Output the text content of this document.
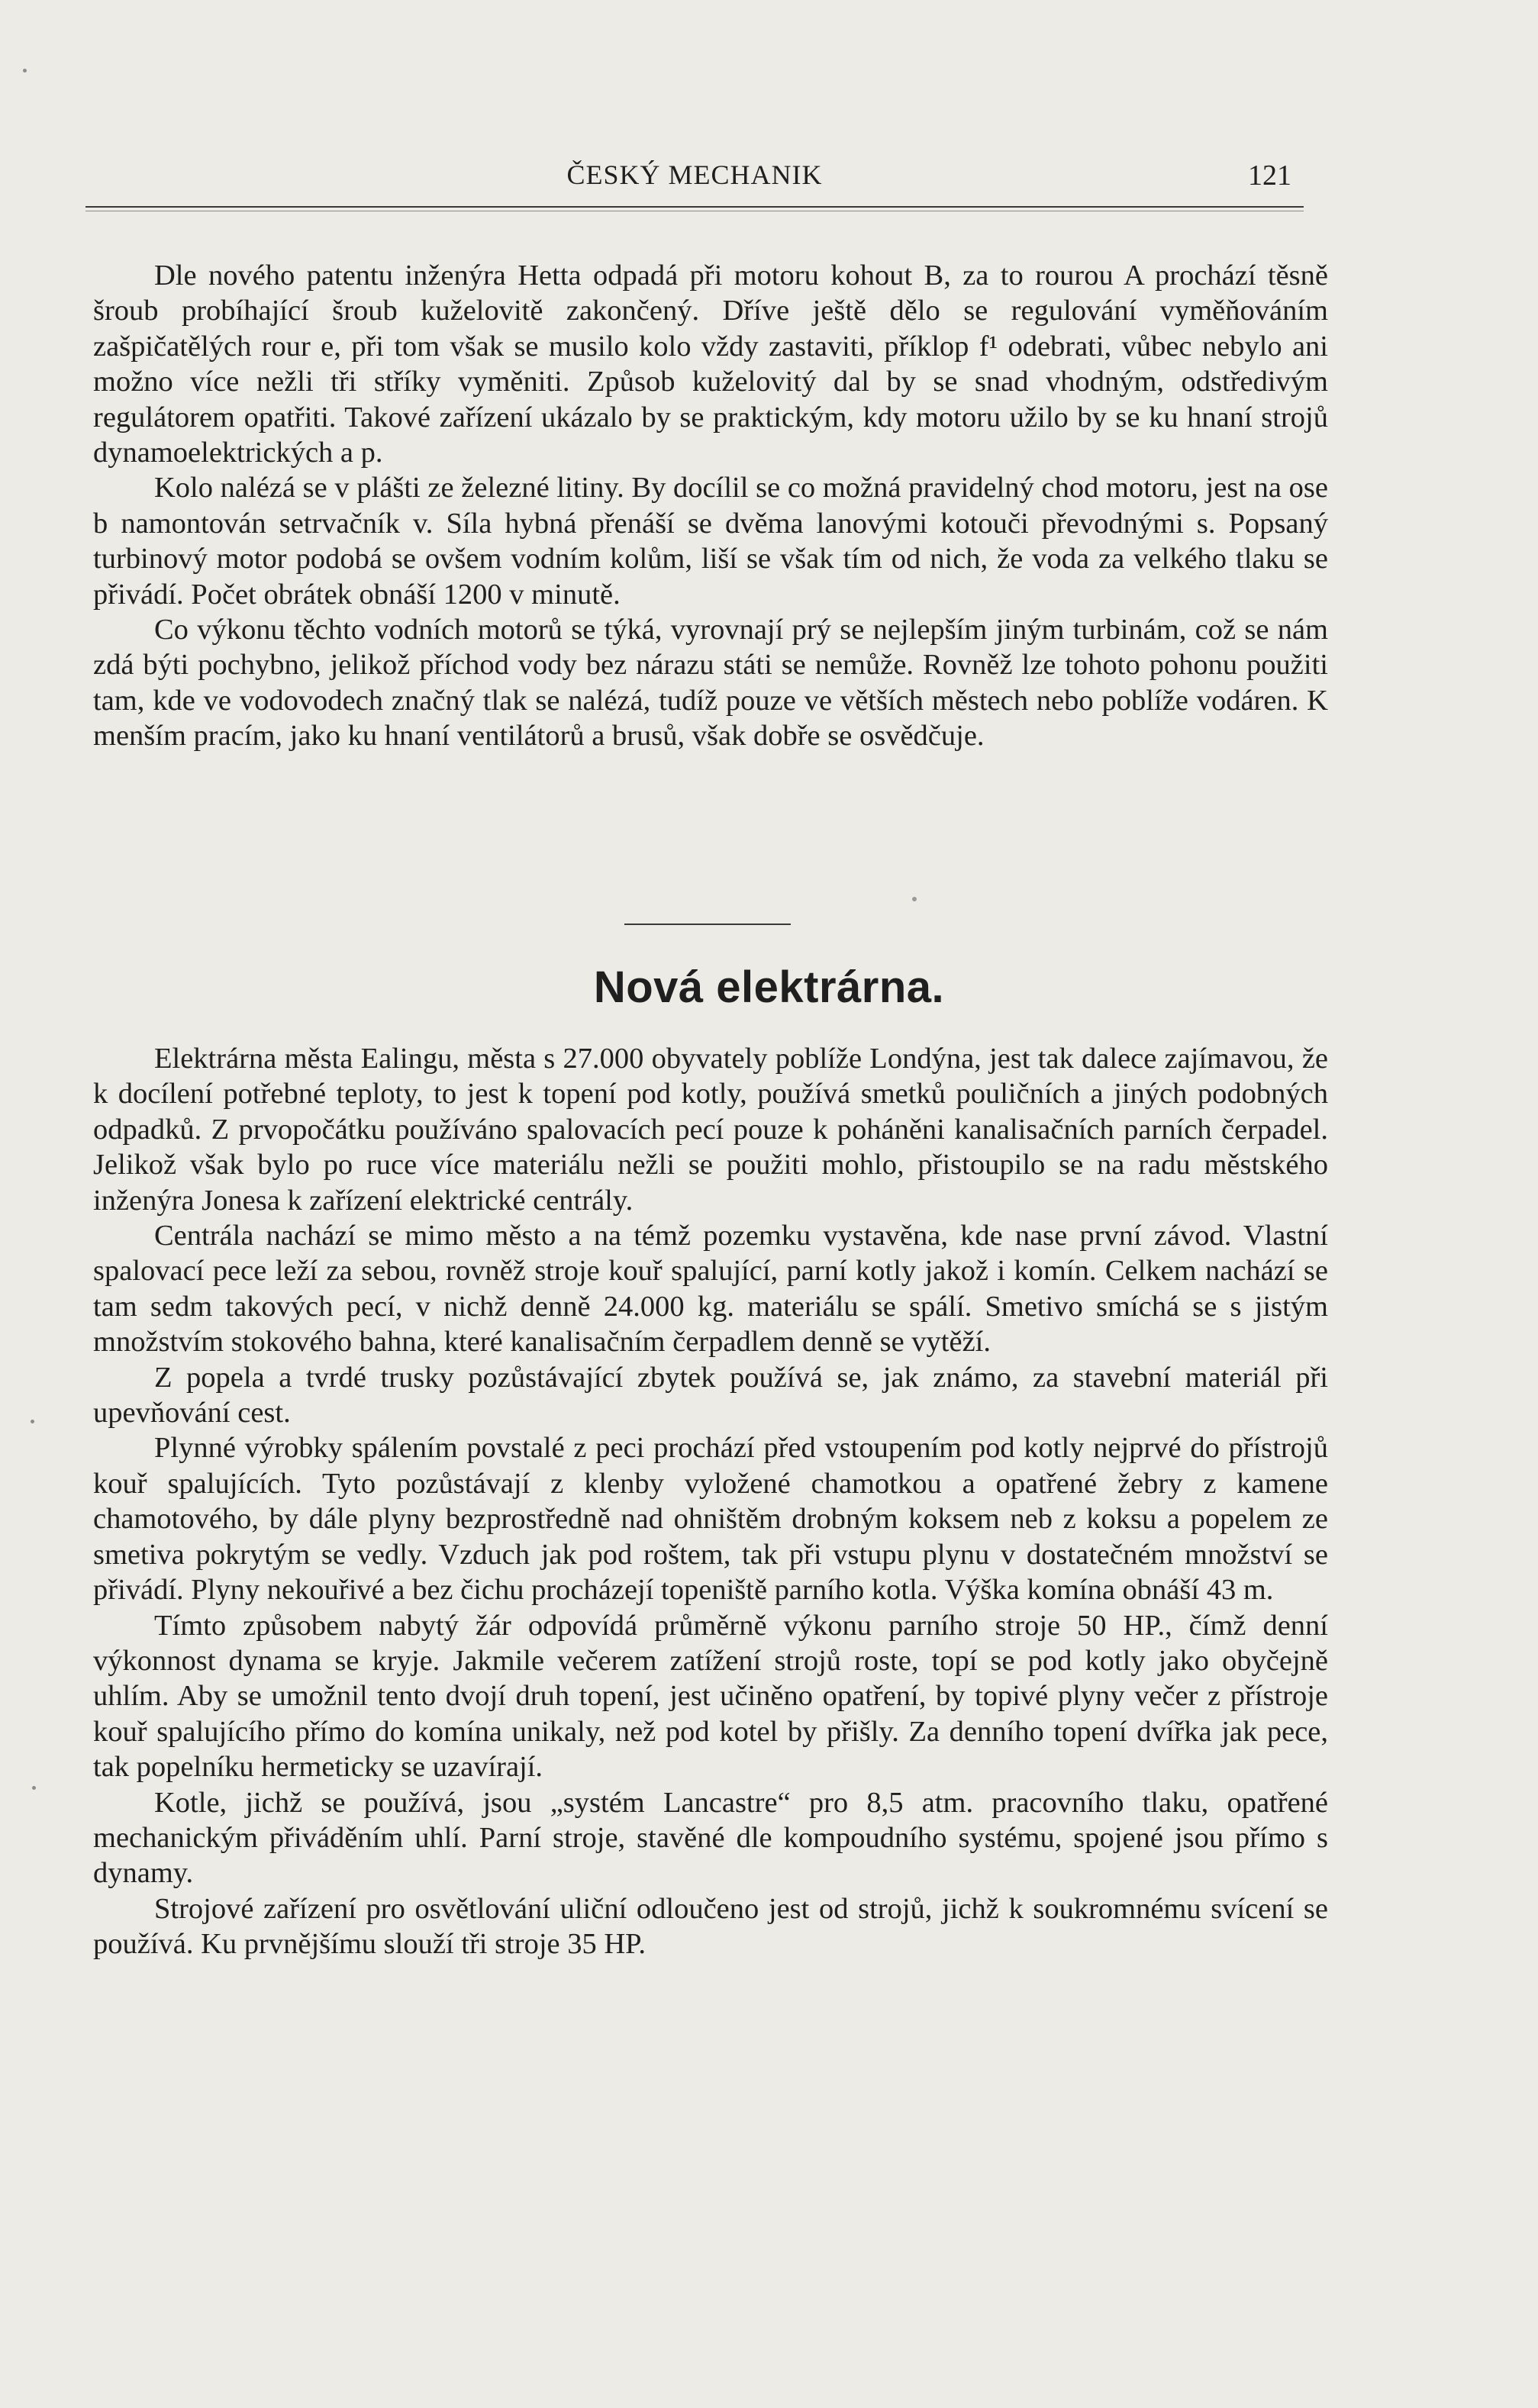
ČESKÝ MECHANIK	121

Dle nového patentu inženýra Hetta odpadá při motoru kohout B, za to rourou A prochází těsně šroub probíhající šroub kuželovitě zakončený. Dříve ještě dělo se regulování vyměňováním zašpičatělých rour e, při tom však se musilo kolo vždy zastaviti, příklop f¹ odebrati, vůbec nebylo ani možno více nežli tři stříky vyměniti. Způsob kuželovitý dal by se snad vhodným, odstředivým regulátorem opatřiti. Takové zařízení ukázalo by se praktickým, kdy motoru užilo by se ku hnaní strojů dynamoelektrických a p.

Kolo nalézá se v plášti ze železné litiny. By docílil se co možná pravidelný chod motoru, jest na ose b namontován setrvačník v. Síla hybná přenáší se dvěma lanovými kotouči převodnými s. Popsaný turbinový motor podobá se ovšem vodním kolům, liší se však tím od nich, že voda za velkého tlaku se přivádí. Počet obrátek obnáší 1200 v minutě.

Co výkonu těchto vodních motorů se týká, vyrovnají prý se nejlepším jiným turbinám, což se nám zdá býti pochybno, jelikož příchod vody bez nárazu státi se nemůže. Rovněž lze tohoto pohonu použiti tam, kde ve vodovodech značný tlak se nalézá, tudíž pouze ve větších městech nebo poblíže vodáren. K menším pracím, jako ku hnaní ventilátorů a brusů, však dobře se osvědčuje.

Nová elektrárna.

Elektrárna města Ealingu, města s 27.000 obyvately poblíže Londýna, jest tak dalece zajímavou, že k docílení potřebné teploty, to jest k topení pod kotly, používá smetků pouličních a jiných podobných odpadků. Z prvopočátku používáno spalovacích pecí pouze k poháněni kanalisačních parních čerpadel. Jelikož však bylo po ruce více materiálu nežli se použiti mohlo, přistoupilo se na radu městského inženýra Jonesa k zařízení elektrické centrály.

Centrála nachází se mimo město a na témž pozemku vystavěna, kde nase první závod. Vlastní spalovací pece leží za sebou, rovněž stroje kouř spalující, parní kotly jakož i komín. Celkem nachází se tam sedm takových pecí, v nichž denně 24.000 kg. materiálu se spálí. Smetivo smíchá se s jistým množstvím stokového bahna, které kanalisačním čerpadlem denně se vytěží.

Z popela a tvrdé trusky pozůstávající zbytek používá se, jak známo, za stavební materiál při upevňování cest.

Plynné výrobky spálením povstalé z peci prochází před vstoupením pod kotly nejprvé do přístrojů kouř spalujících. Tyto pozůstávají z klenby vyložené chamotkou a opatřené žebry z kamene chamotového, by dále plyny bezprostředně nad ohništěm drobným koksem neb z koksu a popelem ze smetiva pokrytým se vedly. Vzduch jak pod roštem, tak při vstupu plynu v dostatečném množství se přivádí. Plyny nekouřivé a bez čichu procházejí topeniště parního kotla. Výška komína obnáší 43 m.

Tímto způsobem nabytý žár odpovídá průměrně výkonu parního stroje 50 HP., čímž denní výkonnost dynama se kryje. Jakmile večerem zatížení strojů roste, topí se pod kotly jako obyčejně uhlím. Aby se umožnil tento dvojí druh topení, jest učiněno opatření, by topivé plyny večer z přístroje kouř spalujícího přímo do komína unikaly, než pod kotel by přišly. Za denního topení dvířka jak pece, tak popelníku hermeticky se uzavírají.

Kotle, jichž se používá, jsou „systém Lancastre“ pro 8,5 atm. pracovního tlaku, opatřené mechanickým přiváděním uhlí. Parní stroje, stavěné dle kompoudního systému, spojené jsou přímo s dynamy.

Strojové zařízení pro osvětlování uliční odloučeno jest od strojů, jichž k soukromnému svícení se používá. Ku prvnějšímu slouží tři stroje 35 HP.
